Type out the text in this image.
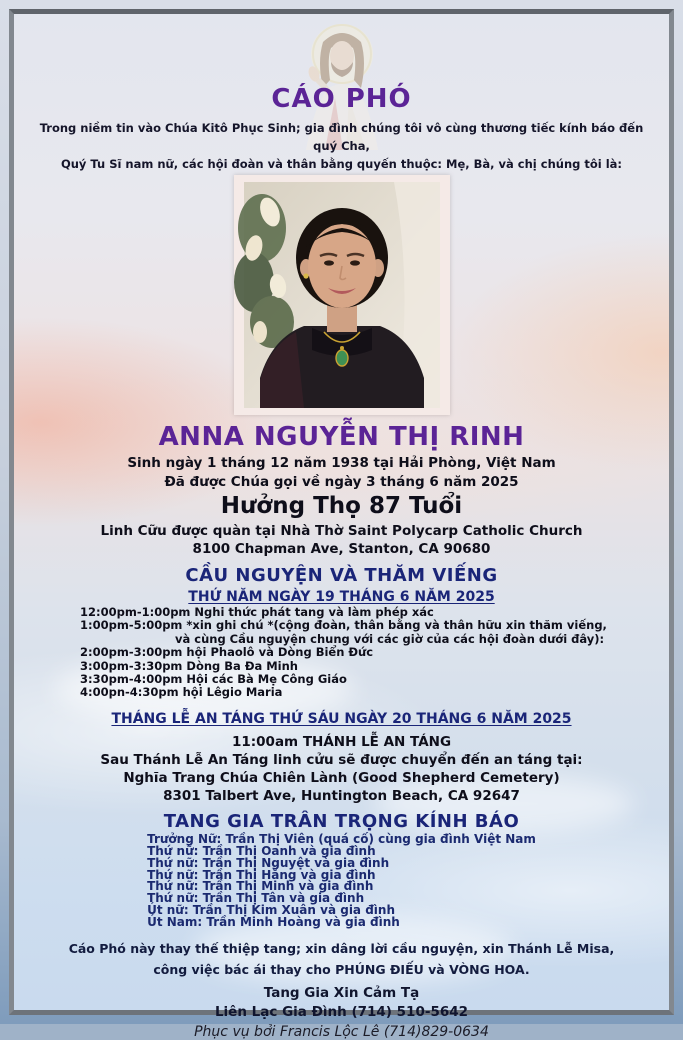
CÁO PHÓ

Trong niềm tin vào Chúa Kitô Phục Sinh; gia đình chúng tôi vô cùng thương tiếc kính báo đến quý Cha,
Quý Tu Sĩ nam nữ, các hội đoàn và thân bằng quyến thuộc: Mẹ, Bà, và chị chúng tôi là:

ANNA NGUYỄN THỊ RINH
Sinh ngày 1 tháng 12 năm 1938 tại Hải Phòng, Việt Nam
Đã được Chúa gọi về ngày 3 tháng 6 năm 2025
Hưởng Thọ 87 Tuổi
Linh Cữu được quàn tại Nhà Thờ Saint Polycarp Catholic Church
8100 Chapman Ave, Stanton, CA 90680
CẦU NGUYỆN VÀ THĂM VIẾNG
THỨ NĂM NGÀY 19 THÁNG 6 NĂM 2025
12:00pm-1:00pm Nghi thức phát tang và làm phép xác
1:00pm-5:00pm *xin ghi chú *(cộng đoàn, thân bằng và thân hữu xin thăm viếng,
và cùng Cầu nguyện chung với các giờ của các hội đoàn dưới đây):
2:00pm-3:00pm hội Phaolô và Dòng Biển Đức
3:00pm-3:30pm Dòng Ba Đa Minh
3:30pm-4:00pm Hội các Bà Mẹ Công Giáo
4:00pn-4:30pm hội Lêgio Maria
THÁNG LỄ AN TÁNG THỨ SÁU NGÀY 20 THÁNG 6 NĂM 2025
11:00am THÁNH LỄ AN TÁNG
Sau Thánh Lễ An Táng linh cửu sẽ được chuyển đến an táng tại:
Nghĩa Trang Chúa Chiên Lành (Good Shepherd Cemetery)
8301 Talbert Ave, Huntington Beach, CA 92647
TANG GIA TRÂN TRỌNG KÍNH BÁO
Trưởng Nữ: Trần Thị Viên (quá cố) cùng gia đình Việt Nam
Thứ nữ: Trần Thị Oanh và gia đình
Thứ nữ: Trần Thị Nguyệt và gia đình
Thứ nữ: Trần Thị Hằng và gia đình
Thứ nữ: Trần Thị Minh và gia đình
Thứ nữ: Trần Thị Tân và gia đình
Út nữ: Trần Thị Kim Xuân và gia đình
Út Nam: Trần Minh Hoàng và gia đình
Cáo Phó này thay thế thiệp tang; xin dâng lời cầu nguyện, xin Thánh Lễ Misa,
công việc bác ái thay cho PHÚNG ĐIẾU và VÒNG HOA.
Tang Gia Xin Cảm Tạ
Liên Lạc Gia Đình (714) 510-5642
Phục vụ bởi Francis Lộc Lê (714)829-0634
